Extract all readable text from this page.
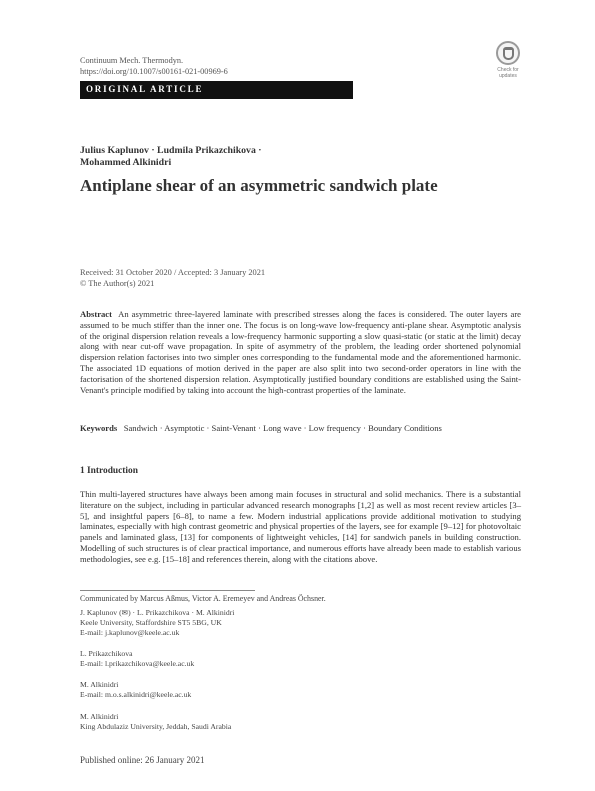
Continuum Mech. Thermodyn.
https://doi.org/10.1007/s00161-021-00969-6	Check for
updates
ORIGINAL ARTICLE
Julius Kaplunov · Ludmila Prikazchikova ·
Mohammed Alkinidri
Antiplane shear of an asymmetric sandwich plate
Received: 31 October 2020 / Accepted: 3 January 2021
© The Author(s) 2021

Abstract An asymmetric three-layered laminate with prescribed stresses along the faces is considered. The outer layers are assumed to be much stiffer than the inner one. The focus is on long-wave low-frequency anti-plane shear. Asymptotic analysis of the original dispersion relation reveals a low-frequency harmonic supporting a slow quasi-static (or static at the limit) decay along with near cut-off wave propagation. In spite of asymmetry of the problem, the leading order shortened polynomial dispersion relation factorises into two simpler ones corresponding to the fundamental mode and the aforementioned harmonic. The associated 1D equations of motion derived in the paper are also split into two second-order operators in line with the factorisation of the shortened dispersion relation. Asymptotically justified boundary conditions are established using the Saint-Venant's principle modified by taking into account the high-contrast properties of the laminate.

Keywords Sandwich · Asymptotic · Saint-Venant · Long wave · Low frequency · Boundary Conditions
1 Introduction

Thin multi-layered structures have always been among main focuses in structural and solid mechanics. There is a substantial literature on the subject, including in particular advanced research monographs [1,2] as well as most recent review articles [3–5], and insightful papers [6–8], to name a few. Modern industrial applications provide additional motivation to studying laminates, especially with high contrast geometric and physical properties of the layers, see for example [9–12] for photovoltaic panels and laminated glass, [13] for components of lightweight vehicles, [14] for sandwich panels in building construction. Modelling of such structures is of clear practical importance, and numerous efforts have already been made to establish various methodologies, see e.g. [15–18] and references therein, along with the citations above.

Communicated by Marcus Aßmus, Victor A. Eremeyev and Andreas Öchsner.
J. Kaplunov (✉) · L. Prikazchikova · M. Alkinidri
Keele University, Staffordshire ST5 5BG, UK
E-mail: j.kaplunov@keele.ac.uk
L. Prikazchikova
E-mail: l.prikazchikova@keele.ac.uk
M. Alkinidri
E-mail: m.o.s.alkinidri@keele.ac.uk
M. Alkinidri
King Abdulaziz University, Jeddah, Saudi Arabia
Published online: 26 January 2021
